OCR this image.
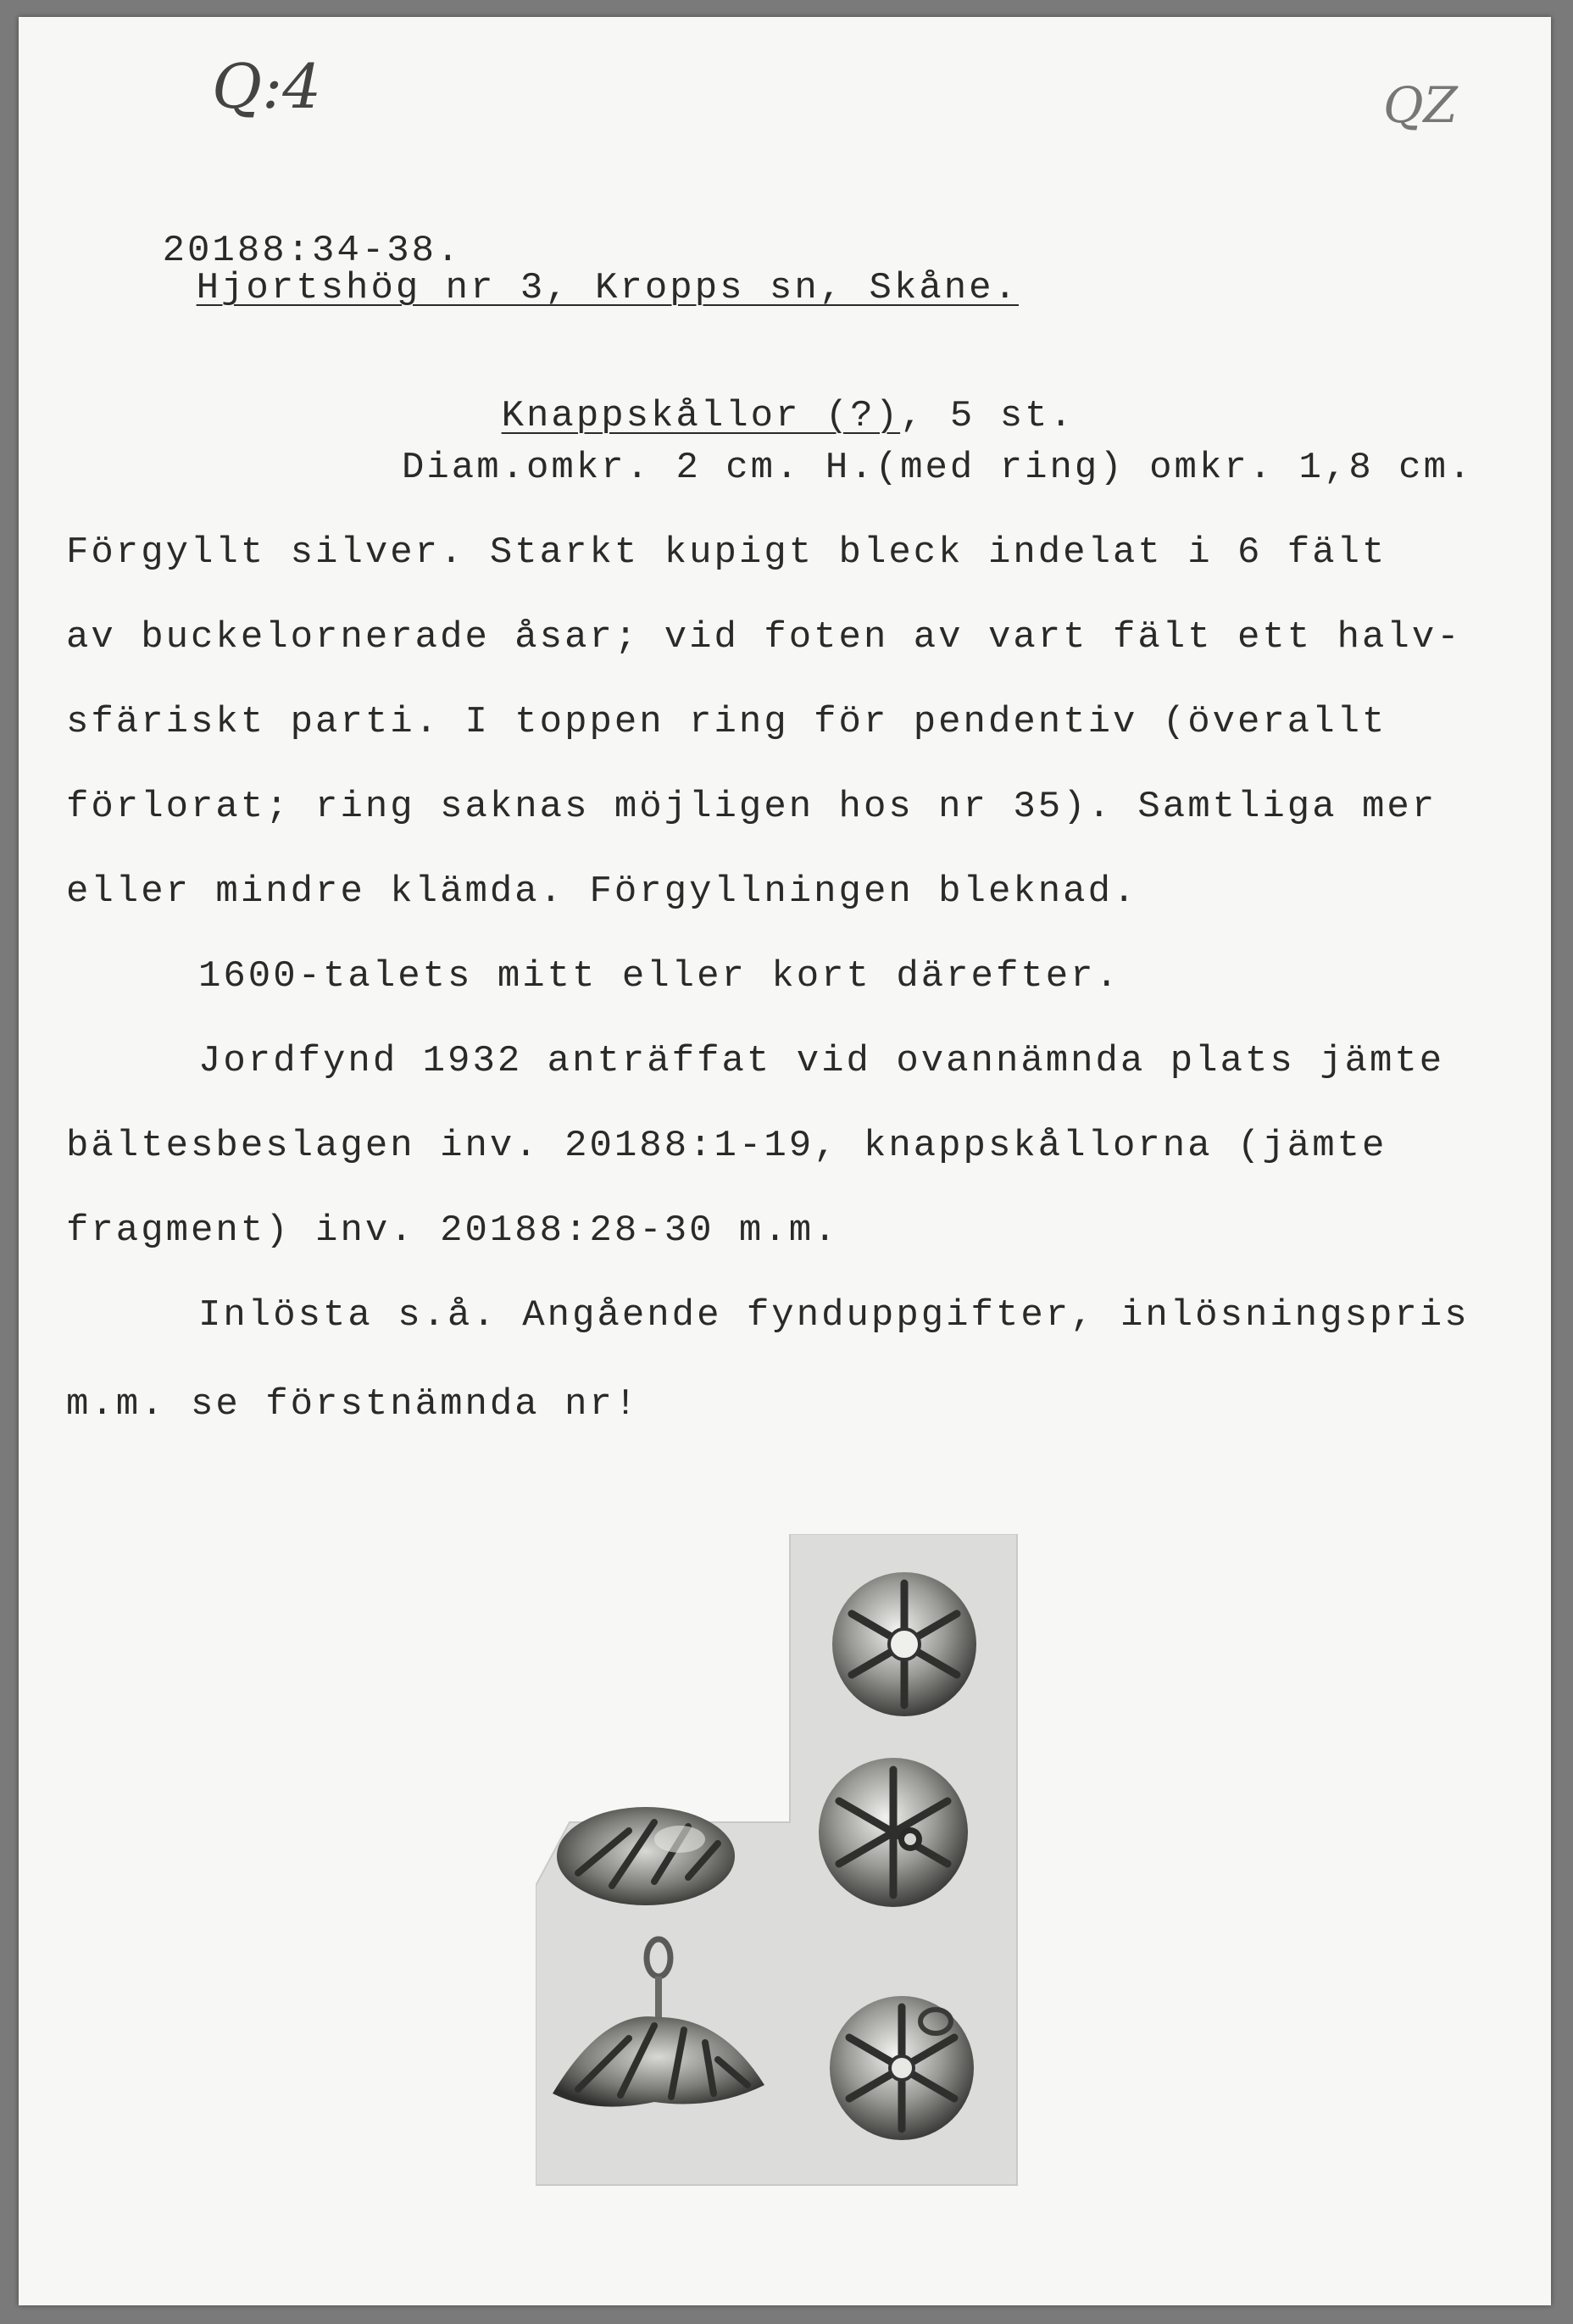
Q:4	QZ

20188:34-38.
Hjortshög nr 3, Kropps sn, Skåne.

Knappskållor (?), 5 st.

Diam.omkr. 2 cm. H.(med ring) omkr. 1,8 cm.
Förgyllt silver. Starkt kupigt bleck indelat i 6 fält
av buckelornerade åsar; vid foten av vart fält ett halv-
sfäriskt parti. I toppen ring för pendentiv (överallt
förlorat; ring saknas möjligen hos nr 35). Samtliga mer
eller mindre klämda. Förgyllningen bleknad.
1600-talets mitt eller kort därefter.
Jordfynd 1932 anträffat vid ovannämnda plats jämte
bältesbeslagen inv. 20188:1-19, knappskållorna (jämte
fragment) inv. 20188:28-30 m.m.
Inlösta s.å. Angående fynduppgifter, inlösningspris
m.m. se förstnämnda nr!
